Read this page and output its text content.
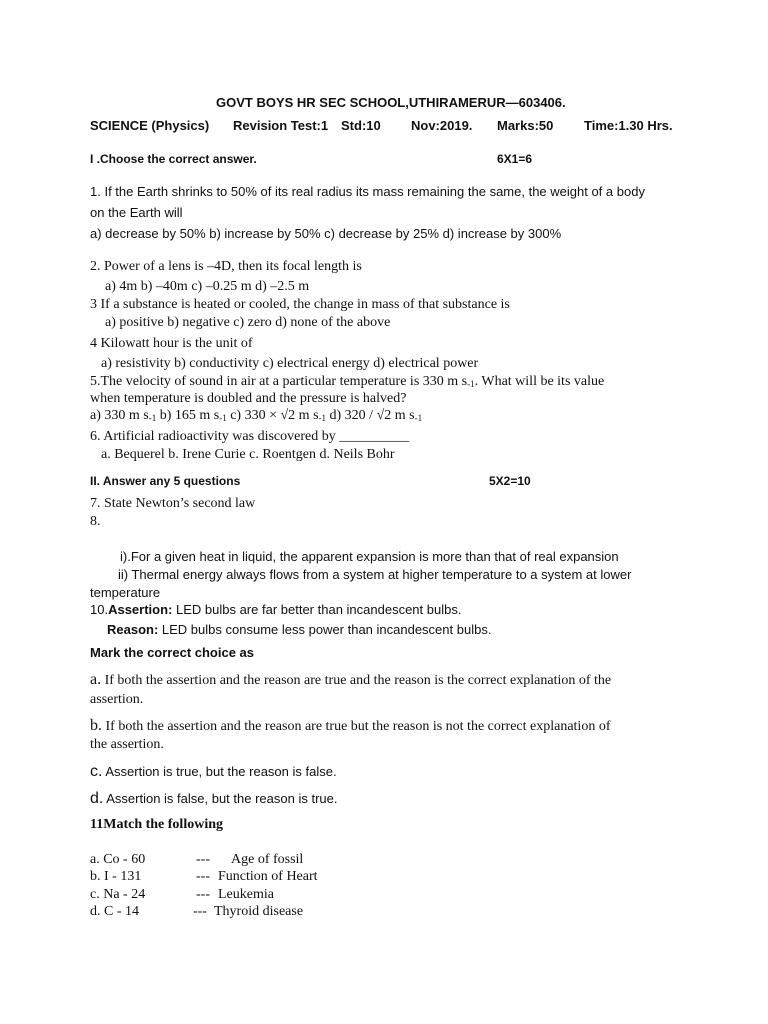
GOVT BOYS HR SEC SCHOOL,UTHIRAMERUR—603406.
SCIENCE (Physics) Revision Test:1 Std:10 Nov:2019. Marks:50 Time:1.30 Hrs.
I .Choose the correct answer.	6X1=6
1. If the Earth shrinks to 50% of its real radius its mass remaining the same, the weight of a body
on the Earth will
a) decrease by 50% b) increase by 50% c) decrease by 25% d) increase by 300%
2. Power of a lens is –4D, then its focal length is
a) 4m b) –40m c) –0.25 m d) –2.5 m
3 If a substance is heated or cooled, the change in mass of that substance is
a) positive b) negative c) zero d) none of the above
4 Kilowatt hour is the unit of
a) resistivity b) conductivity c) electrical energy d) electrical power
5.The velocity of sound in air at a particular temperature is 330 m $s_{-1}$. What will be its value
when temperature is doubled and the pressure is halved?
a) 330 m $s_{-1}$ b) 165 m $s_{-1}$ c) 330 × √2 m $s_{-1}$ d) 320 / √2 m $s_{-1}$
6. Artificial radioactivity was discovered by __________
a. Bequerel b. Irene Curie c. Roentgen d. Neils Bohr
II. Answer any 5 questions	5X2=10
7. State Newton’s second law
8.
i).For a given heat in liquid, the apparent expansion is more than that of real expansion
ii) Thermal energy always flows from a system at higher temperature to a system at lower
temperature
10.Assertion: LED bulbs are far better than incandescent bulbs.
Reason: LED bulbs consume less power than incandescent bulbs.
Mark the correct choice as
a. If both the assertion and the reason are true and the reason is the correct explanation of the
assertion.
b. If both the assertion and the reason are true but the reason is not the correct explanation of
the assertion.
c. Assertion is true, but the reason is false.
d. Assertion is false, but the reason is true.
11Match the following
a. Co - 60	--- Age of fossil
b. I - 131	--- Function of Heart
c. Na - 24	--- Leukemia
d. C - 14	--- Thyroid disease
